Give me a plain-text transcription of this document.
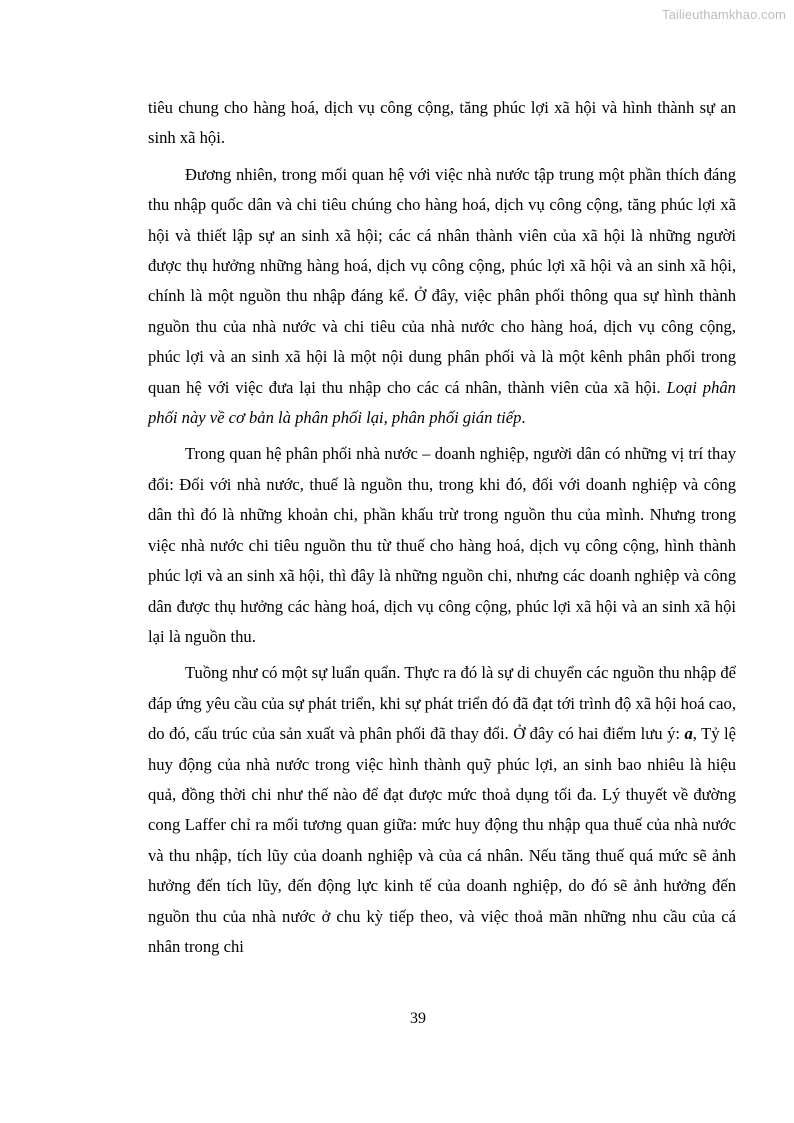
Tailieuthamkhao.com

tiêu chung cho hàng hoá, dịch vụ công cộng, tăng phúc lợi xã hội và hình thành sự an sinh xã hội.

Đương nhiên, trong mối quan hệ với việc nhà nước tập trung một phần thích đáng thu nhập quốc dân và chi tiêu chúng cho hàng hoá, dịch vụ công cộng, tăng phúc lợi xã hội và thiết lập sự an sinh xã hội; các cá nhân thành viên của xã hội là những người được thụ hưởng những hàng hoá, dịch vụ công cộng, phúc lợi xã hội và an sinh xã hội, chính là một nguồn thu nhập đáng kể. Ở đây, việc phân phối thông qua sự hình thành nguồn thu của nhà nước và chi tiêu của nhà nước cho hàng hoá, dịch vụ công cộng, phúc lợi và an sinh xã hội là một nội dung phân phối và là một kênh phân phối trong quan hệ với việc đưa lại thu nhập cho các cá nhân, thành viên của xã hội. Loại phân phối này về cơ bản là phân phối lại, phân phối gián tiếp.

Trong quan hệ phân phối nhà nước – doanh nghiệp, người dân có những vị trí thay đổi: Đối với nhà nước, thuế là nguồn thu, trong khi đó, đối với doanh nghiệp và công dân thì đó là những khoản chi, phần khấu trừ trong nguồn thu của mình. Nhưng trong việc nhà nước chi tiêu nguồn thu từ thuế cho hàng hoá, dịch vụ công cộng, hình thành phúc lợi và an sinh xã hội, thì đây là những nguồn chi, nhưng các doanh nghiệp và công dân được thụ hưởng các hàng hoá, dịch vụ công cộng, phúc lợi xã hội và an sinh xã hội lại là nguồn thu.

Tuồng như có một sự luẩn quẩn. Thực ra đó là sự di chuyển các nguồn thu nhập để đáp ứng yêu cầu của sự phát triển, khi sự phát triển đó đã đạt tới trình độ xã hội hoá cao, do đó, cấu trúc của sản xuất và phân phối đã thay đổi. Ở đây có hai điểm lưu ý: a, Tỷ lệ huy động của nhà nước trong việc hình thành quỹ phúc lợi, an sinh bao nhiêu là hiệu quả, đồng thời chi như thế nào để đạt được mức thoả dụng tối đa. Lý thuyết về đường cong Laffer chỉ ra mối tương quan giữa: mức huy động thu nhập qua thuế của nhà nước và thu nhập, tích lũy của doanh nghiệp và của cá nhân. Nếu tăng thuế quá mức sẽ ảnh hưởng đến tích lũy, đến động lực kinh tế của doanh nghiệp, do đó sẽ ảnh hưởng đến nguồn thu của nhà nước ở chu kỳ tiếp theo, và việc thoả mãn những nhu cầu của cá nhân trong chi

39
